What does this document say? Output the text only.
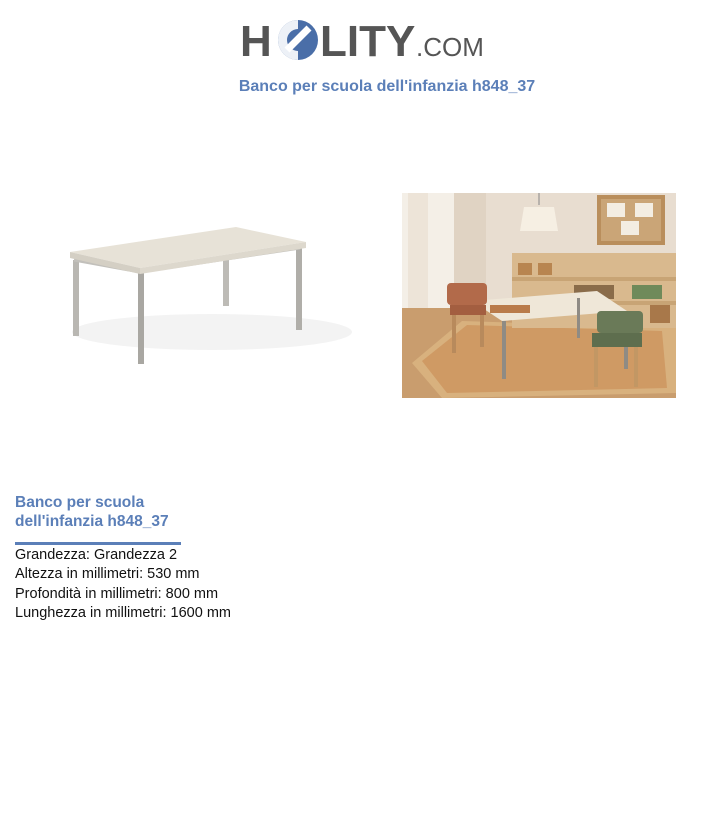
H LITY .COM
Banco per scuola dell'infanzia h848_37
Banco per scuola
dell'infanzia h848_37
Grandezza: Grandezza 2
Altezza in millimetri: 530 mm
Profondità in millimetri: 800 mm
Lunghezza in millimetri: 1600 mm
